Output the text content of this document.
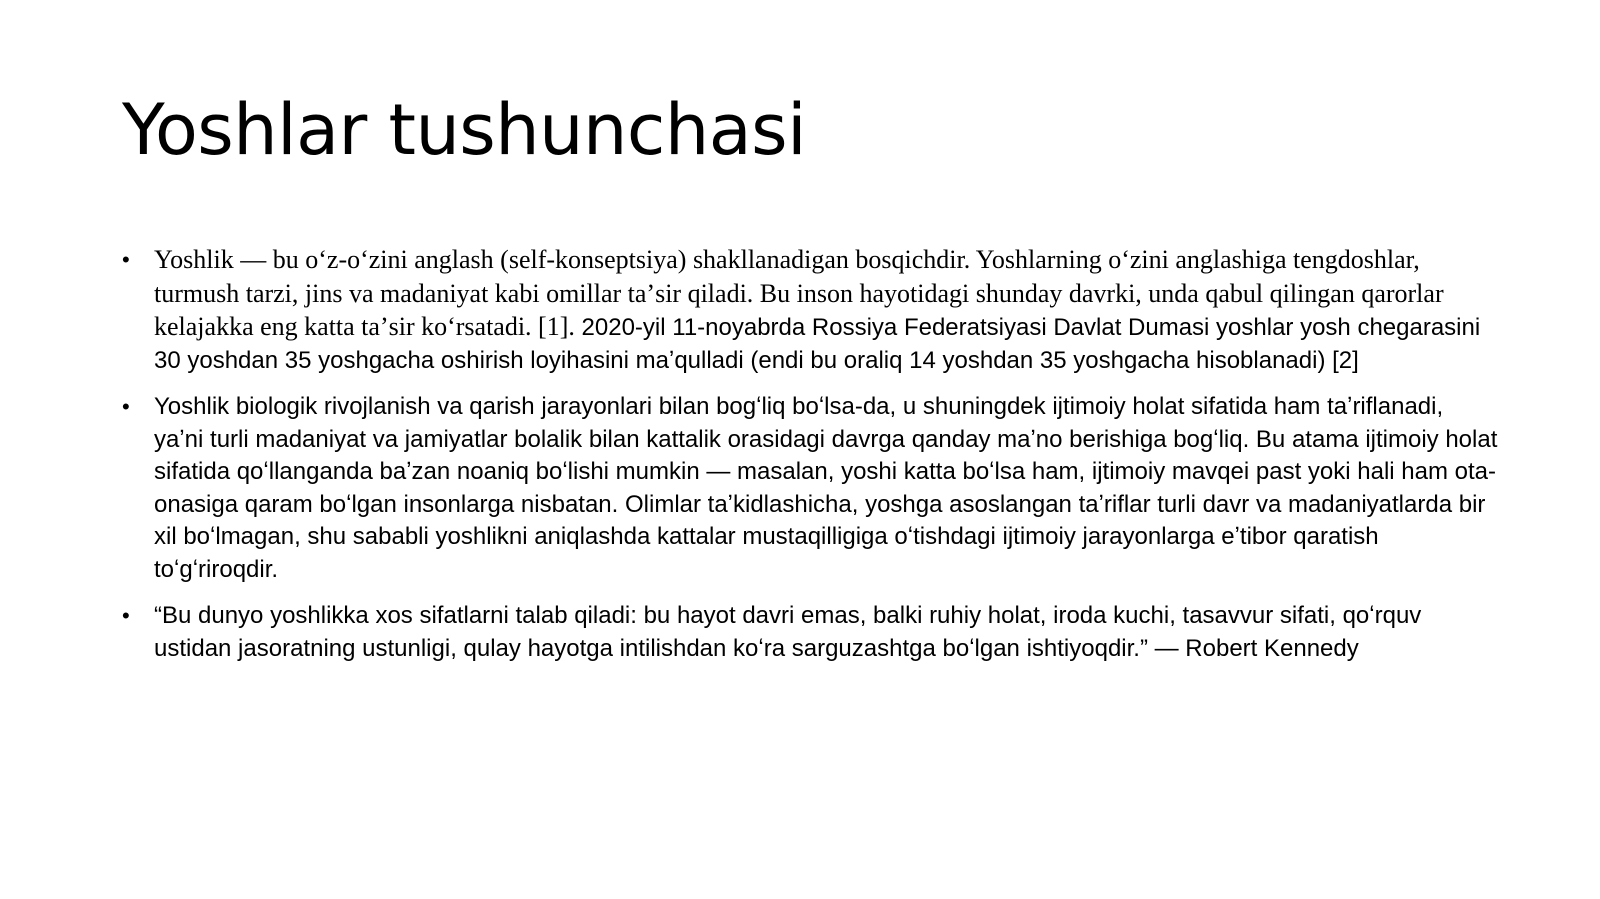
Yoshlar tushunchasi
• Yoshlik — bu oʻz-oʻzini anglash (self-konseptsiya) shakllanadigan bosqichdir. Yoshlarning oʻzini anglashiga tengdoshlar, turmush tarzi, jins va madaniyat kabi omillar taʼsir qiladi. Bu inson hayotidagi shunday davrki, unda qabul qilingan qarorlar kelajakka eng katta taʼsir koʻrsatadi. [1]. 2020-yil 11-noyabrda Rossiya Federatsiyasi Davlat Dumasi yoshlar yosh chegarasini 30 yoshdan 35 yoshgacha oshirish loyihasini maʼqulladi (endi bu oraliq 14 yoshdan 35 yoshgacha hisoblanadi) [2]
• Yoshlik biologik rivojlanish va qarish jarayonlari bilan bogʻliq boʻlsa-da, u shuningdek ijtimoiy holat sifatida ham taʼriflanadi, yaʼni turli madaniyat va jamiyatlar bolalik bilan kattalik orasidagi davrga qanday maʼno berishiga bogʻliq. Bu atama ijtimoiy holat sifatida qoʻllanganda baʼzan noaniq boʻlishi mumkin — masalan, yoshi katta boʻlsa ham, ijtimoiy mavqei past yoki hali ham ota-onasiga qaram boʻlgan insonlarga nisbatan. Olimlar taʼkidlashicha, yoshga asoslangan taʼriflar turli davr va madaniyatlarda bir xil boʻlmagan, shu sababli yoshlikni aniqlashda kattalar mustaqilligiga oʻtishdagi ijtimoiy jarayonlarga eʼtibor qaratish toʻgʻriroqdir.
• “Bu dunyo yoshlikka xos sifatlarni talab qiladi: bu hayot davri emas, balki ruhiy holat, iroda kuchi, tasavvur sifati, qoʻrquv ustidan jasoratning ustunligi, qulay hayotga intilishdan koʻra sarguzashtga boʻlgan ishtiyoqdir.” — Robert Kennedy
